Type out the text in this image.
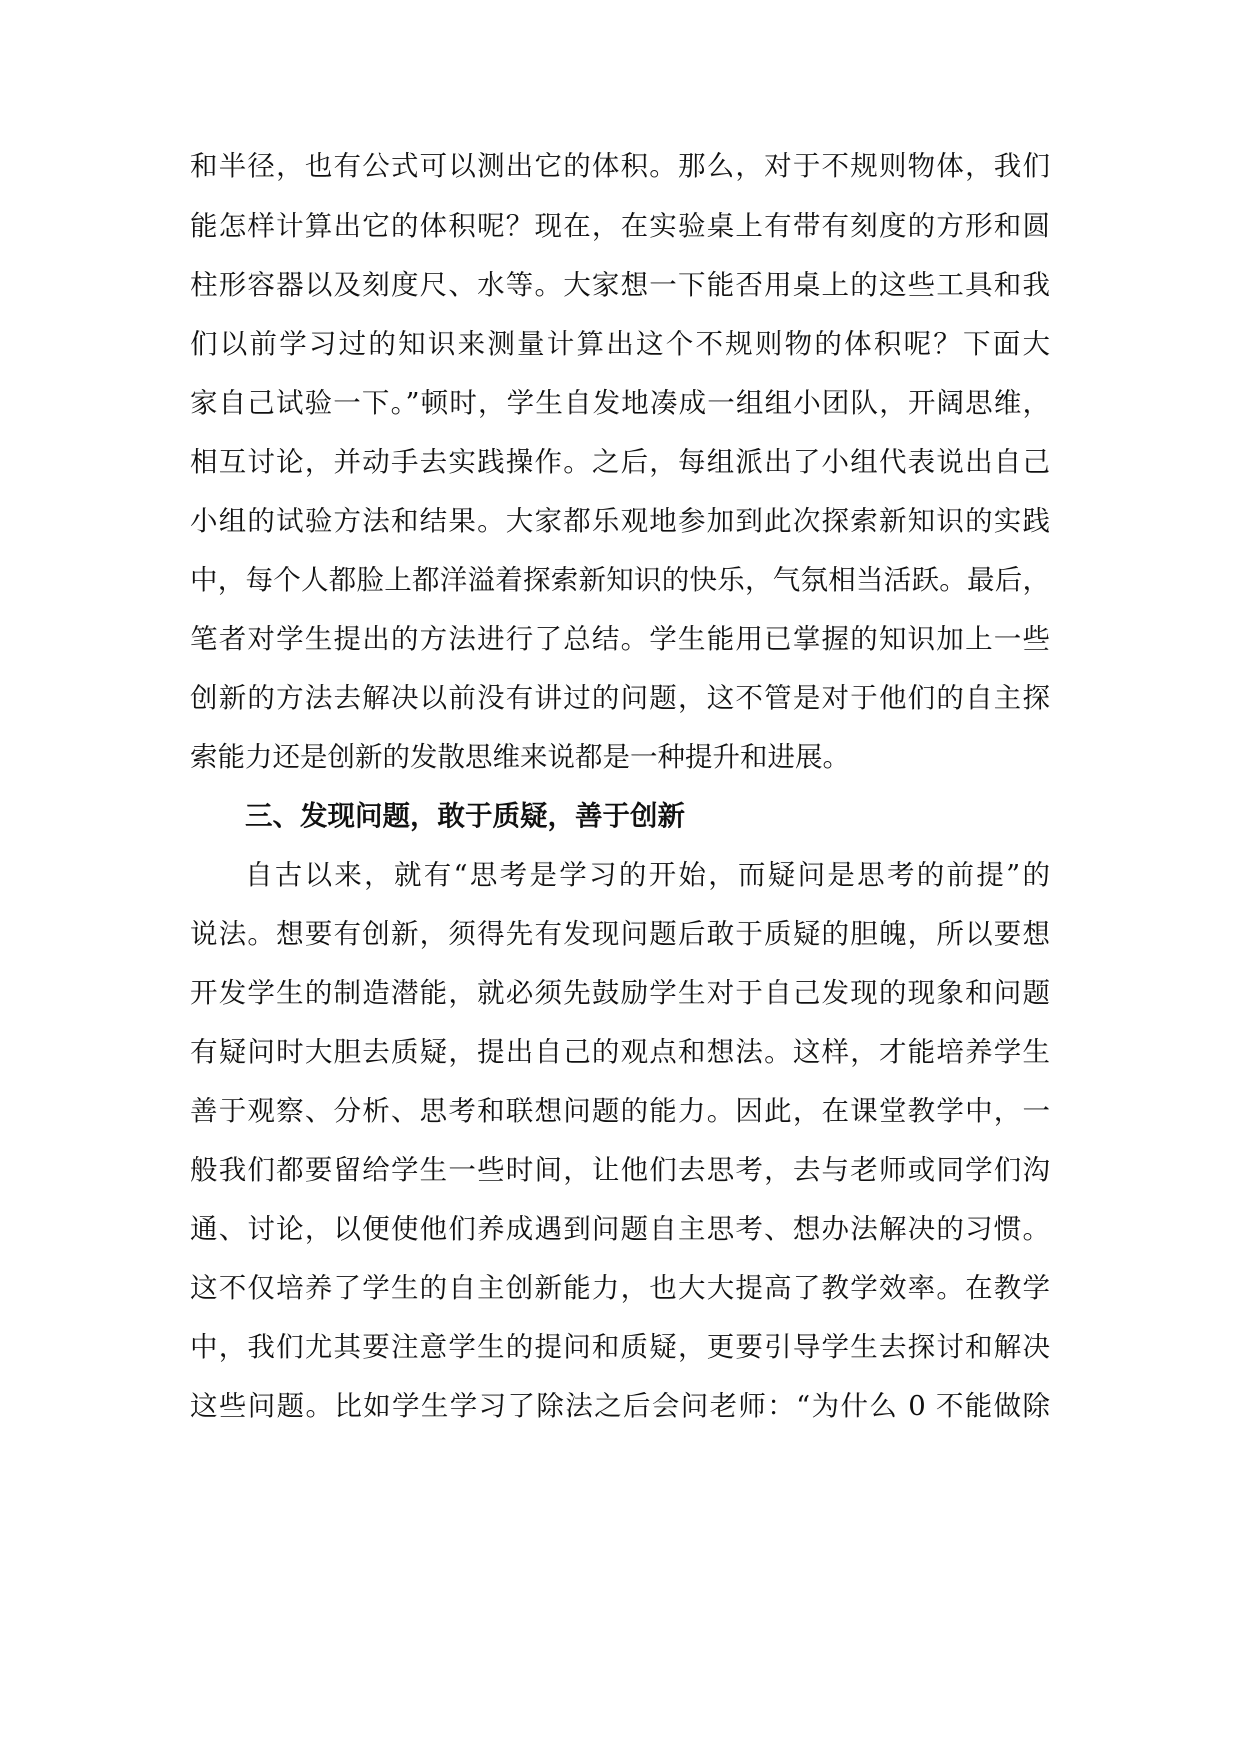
和半径，也有公式可以测出它的体积。那么，对于不规则物体，我们
能怎样计算出它的体积呢？现在，在实验桌上有带有刻度的方形和圆
柱形容器以及刻度尺、水等。大家想一下能否用桌上的这些工具和我
们以前学习过的知识来测量计算出这个不规则物的体积呢？下面大
家自己试验一下。”顿时，学生自发地凑成一组组小团队，开阔思维，
相互讨论，并动手去实践操作。之后，每组派出了小组代表说出自己
小组的试验方法和结果。大家都乐观地参加到此次探索新知识的实践
中，每个人都脸上都洋溢着探索新知识的快乐，气氛相当活跃。最后，
笔者对学生提出的方法进行了总结。学生能用已掌握的知识加上一些
创新的方法去解决以前没有讲过的问题，这不管是对于他们的自主探
索能力还是创新的发散思维来说都是一种提升和进展。
三、发现问题，敢于质疑，善于创新
自古以来，就有“思考是学习的开始，而疑问是思考的前提”的
说法。想要有创新，须得先有发现问题后敢于质疑的胆魄，所以要想
开发学生的制造潜能，就必须先鼓励学生对于自己发现的现象和问题
有疑问时大胆去质疑，提出自己的观点和想法。这样，才能培养学生
善于观察、分析、思考和联想问题的能力。因此，在课堂教学中，一
般我们都要留给学生一些时间，让他们去思考，去与老师或同学们沟
通、讨论，以便使他们养成遇到问题自主思考、想办法解决的习惯。
这不仅培养了学生的自主创新能力，也大大提高了教学效率。在教学
中，我们尤其要注意学生的提问和质疑，更要引导学生去探讨和解决
这些问题。比如学生学习了除法之后会问老师：“为什么 0 不能做除
